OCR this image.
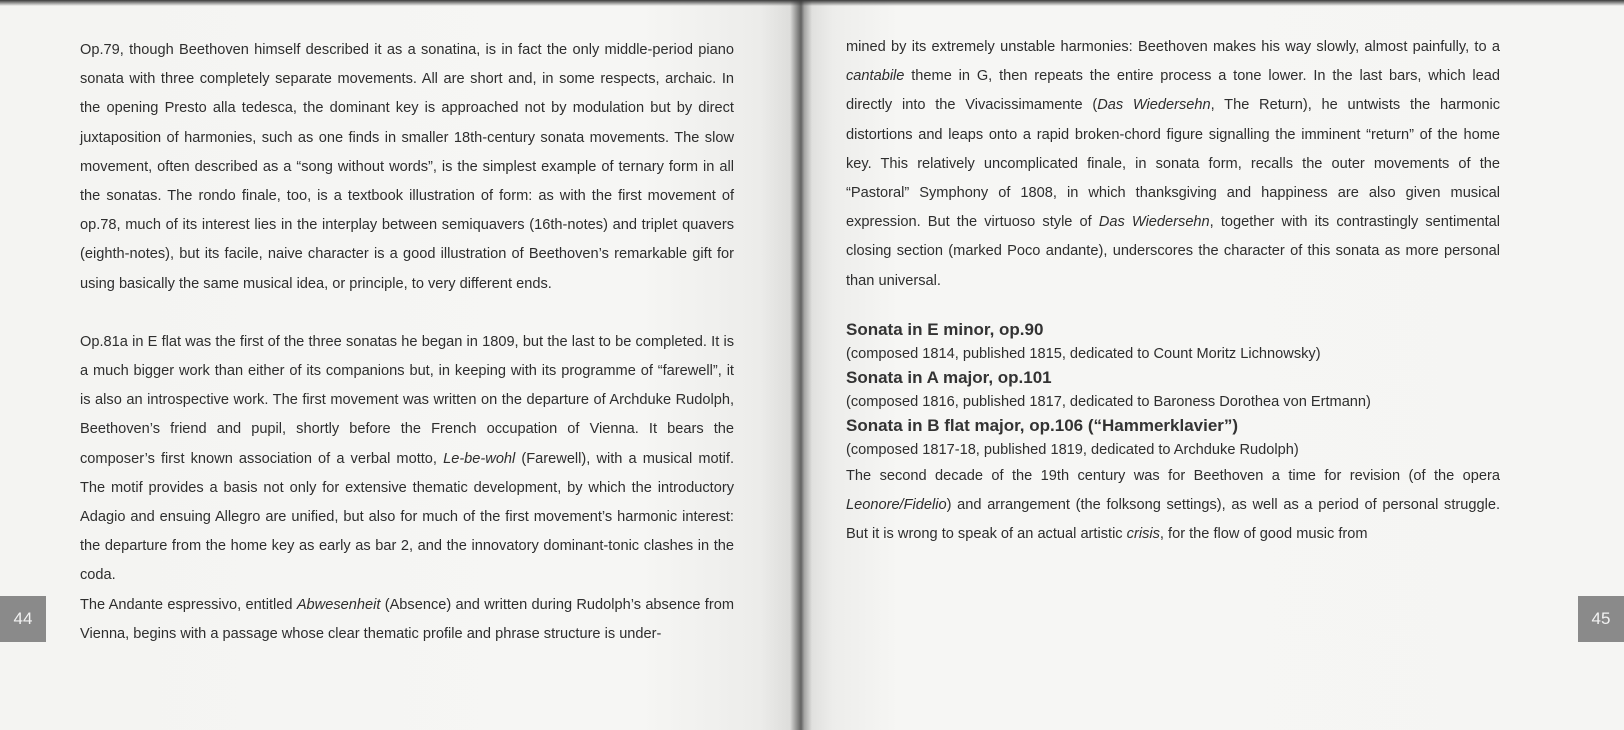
Op.79, though Beethoven himself described it as a sonatina, is in fact the only middle-period piano sonata with three completely separate movements. All are short and, in some respects, archaic. In the opening Presto alla tedesca, the dominant key is approached not by modulation but by direct juxtaposition of harmonies, such as one finds in smaller 18th-century sonata movements. The slow movement, often described as a “song without words”, is the simplest example of ternary form in all the sonatas. The rondo finale, too, is a textbook illustration of form: as with the first movement of op.78, much of its interest lies in the interplay between semiquavers (16th-notes) and triplet quavers (eighth-notes), but its facile, naive character is a good illustration of Beethoven’s remarkable gift for using basically the same musical idea, or principle, to very different ends.

Op.81a in E flat was the first of the three sonatas he began in 1809, but the last to be completed. It is a much bigger work than either of its companions but, in keeping with its programme of “farewell”, it is also an introspective work. The first movement was written on the departure of Archduke Rudolph, Beethoven’s friend and pupil, shortly before the French occupation of Vienna. It bears the composer’s first known association of a verbal motto, Le-be-wohl (Farewell), with a musical motif. The motif provides a basis not only for extensive thematic development, by which the introductory Adagio and ensuing Allegro are unified, but also for much of the first movement’s harmonic interest: the departure from the home key as early as bar 2, and the innovatory dominant-tonic clashes in the coda.

The Andante espressivo, entitled Abwesenheit (Absence) and written during Rudolph’s absence from Vienna, begins with a passage whose clear thematic profile and phrase structure is under-

44

mined by its extremely unstable harmonies: Beethoven makes his way slowly, almost painfully, to a cantabile theme in G, then repeats the entire process a tone lower. In the last bars, which lead directly into the Vivacissimamente (Das Wiedersehn, The Return), he untwists the harmonic distortions and leaps onto a rapid broken-chord figure signalling the imminent “return” of the home key. This relatively uncomplicated finale, in sonata form, recalls the outer movements of the “Pastoral” Symphony of 1808, in which thanksgiving and happiness are also given musical expression. But the virtuoso style of Das Wiedersehn, together with its contrastingly sentimental closing section (marked Poco andante), underscores the character of this sonata as more personal than universal.

Sonata in E minor, op.90

(composed 1814, published 1815, dedicated to Count Moritz Lichnowsky)

Sonata in A major, op.101

(composed 1816, published 1817, dedicated to Baroness Dorothea von Ertmann)

Sonata in B flat major, op.106 (“Hammerklavier”)

(composed 1817-18, published 1819, dedicated to Archduke Rudolph)

The second decade of the 19th century was for Beethoven a time for revision (of the opera Leonore/Fidelio) and arrangement (the folksong settings), as well as a period of personal struggle. But it is wrong to speak of an actual artistic crisis, for the flow of good music from

45
